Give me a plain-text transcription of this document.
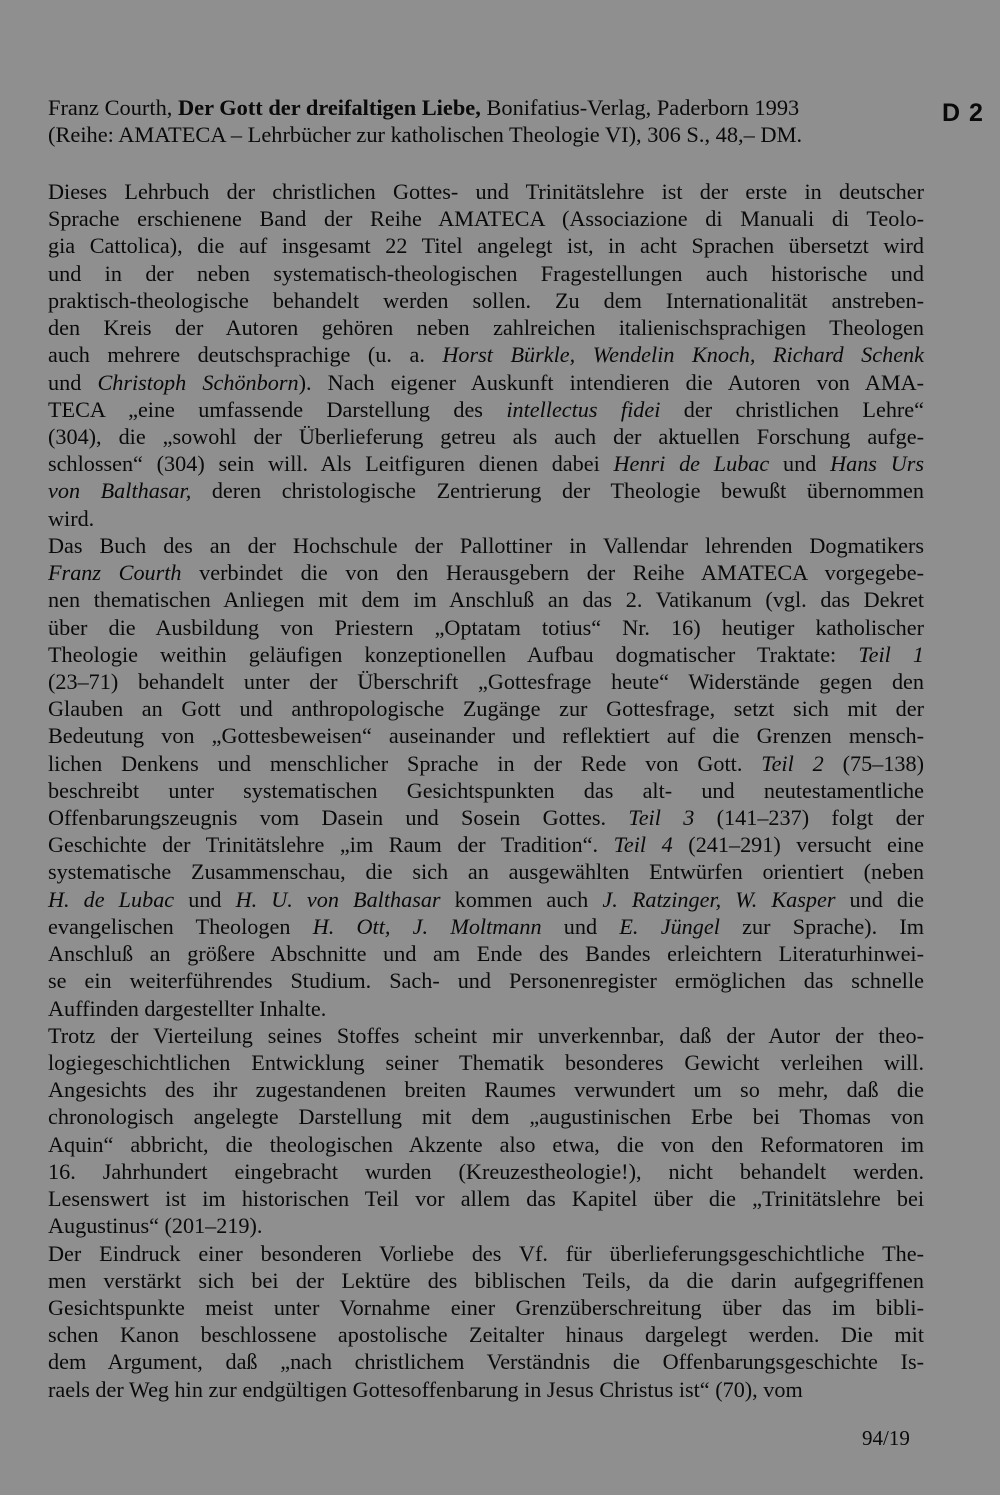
Franz Courth, Der Gott der dreifaltigen Liebe, Bonifatius-Verlag, Paderborn 1993

(Reihe: AMATECA – Lehrbücher zur katholischen Theologie VI), 306 S., 48,– DM.

D 2
Dieses Lehrbuch der christlichen Gottes- und Trinitätslehre ist der erste in deutscher
Sprache erschienene Band der Reihe AMATECA (Associazione di Manuali di Teolo-
gia Cattolica), die auf insgesamt 22 Titel angelegt ist, in acht Sprachen übersetzt wird
und in der neben systematisch-theologischen Fragestellungen auch historische und
praktisch-theologische behandelt werden sollen. Zu dem Internationalität anstreben-
den Kreis der Autoren gehören neben zahlreichen italienischsprachigen Theologen
auch mehrere deutschsprachige (u. a. Horst Bürkle, Wendelin Knoch, Richard Schenk
und Christoph Schönborn). Nach eigener Auskunft intendieren die Autoren von AMA-
TECA „eine umfassende Darstellung des intellectus fidei der christlichen Lehre“
(304), die „sowohl der Überlieferung getreu als auch der aktuellen Forschung aufge-
schlossen“ (304) sein will. Als Leitfiguren dienen dabei Henri de Lubac und Hans Urs
von Balthasar, deren christologische Zentrierung der Theologie bewußt übernommen
wird.
Das Buch des an der Hochschule der Pallottiner in Vallendar lehrenden Dogmatikers
Franz Courth verbindet die von den Herausgebern der Reihe AMATECA vorgegebe-
nen thematischen Anliegen mit dem im Anschluß an das 2. Vatikanum (vgl. das Dekret
über die Ausbildung von Priestern „Optatam totius“ Nr. 16) heutiger katholischer
Theologie weithin geläufigen konzeptionellen Aufbau dogmatischer Traktate: Teil 1
(23–71) behandelt unter der Überschrift „Gottesfrage heute“ Widerstände gegen den
Glauben an Gott und anthropologische Zugänge zur Gottesfrage, setzt sich mit der
Bedeutung von „Gottesbeweisen“ auseinander und reflektiert auf die Grenzen mensch-
lichen Denkens und menschlicher Sprache in der Rede von Gott. Teil 2 (75–138)
beschreibt unter systematischen Gesichtspunkten das alt- und neutestamentliche
Offenbarungszeugnis vom Dasein und Sosein Gottes. Teil 3 (141–237) folgt der
Geschichte der Trinitätslehre „im Raum der Tradition“. Teil 4 (241–291) versucht eine
systematische Zusammenschau, die sich an ausgewählten Entwürfen orientiert (neben
H. de Lubac und H. U. von Balthasar kommen auch J. Ratzinger, W. Kasper und die
evangelischen Theologen H. Ott, J. Moltmann und E. Jüngel zur Sprache). Im
Anschluß an größere Abschnitte und am Ende des Bandes erleichtern Literaturhinwei-
se ein weiterführendes Studium. Sach- und Personenregister ermöglichen das schnelle
Auffinden dargestellter Inhalte.
Trotz der Vierteilung seines Stoffes scheint mir unverkennbar, daß der Autor der theo-
logiegeschichtlichen Entwicklung seiner Thematik besonderes Gewicht verleihen will.
Angesichts des ihr zugestandenen breiten Raumes verwundert um so mehr, daß die
chronologisch angelegte Darstellung mit dem „augustinischen Erbe bei Thomas von
Aquin“ abbricht, die theologischen Akzente also etwa, die von den Reformatoren im
16. Jahrhundert eingebracht wurden (Kreuzestheologie!), nicht behandelt werden.
Lesenswert ist im historischen Teil vor allem das Kapitel über die „Trinitätslehre bei
Augustinus“ (201–219).
Der Eindruck einer besonderen Vorliebe des Vf. für überlieferungsgeschichtliche The-
men verstärkt sich bei der Lektüre des biblischen Teils, da die darin aufgegriffenen
Gesichtspunkte meist unter Vornahme einer Grenzüberschreitung über das im bibli-
schen Kanon beschlossene apostolische Zeitalter hinaus dargelegt werden. Die mit
dem Argument, daß „nach christlichem Verständnis die Offenbarungsgeschichte Is-
raels der Weg hin zur endgültigen Gottesoffenbarung in Jesus Christus ist“ (70), vom
94/19
